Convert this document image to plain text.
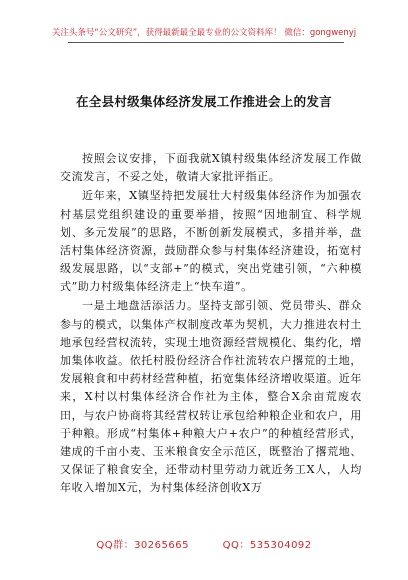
关注头条号“公文研究”，获得最新最全最专业的公文资料库！ 微信：gongwenyj
在全县村级集体经济发展工作推进会上的发言

按照会议安排，下面我就X镇村级集体经济发展工作做交流发言，不妥之处，敬请大家批评指正。

近年来，X镇坚持把发展壮大村级集体经济作为加强农村基层党组织建设的重要举措，按照“因地制宜、科学规划、多元发展”的思路，不断创新发展模式，多措并举，盘活村集体经济资源，鼓励群众参与村集体经济建设，拓宽村级发展思路，以“支部+”的模式，突出党建引领，“六种模式”助力村级集体经济走上“快车道”。

一是土地盘活添活力。坚持支部引领、党员带头、群众参与的模式，以集体产权制度改革为契机，大力推进农村土地承包经营权流转，实现土地资源经营规模化、集约化，增加集体收益。依托村股份经济合作社流转农户撂荒的土地，发展粮食和中药材经营种植，拓宽集体经济增收渠道。近年来，X村以村集体经济合作社为主体，整合X余亩荒废农田，与农户协商将其经营权转让承包给种粮企业和农户，用于种粮。形成“村集体+种粮大户+农户”的种植经营形式，建成的千亩小麦、玉米粮食安全示范区，既整治了撂荒地、又保证了粮食安全，还带动村里劳动力就近务工X人，人均年收入增加X元，为村集体经济创收X万

QQ群：30265665	QQ：535304092
